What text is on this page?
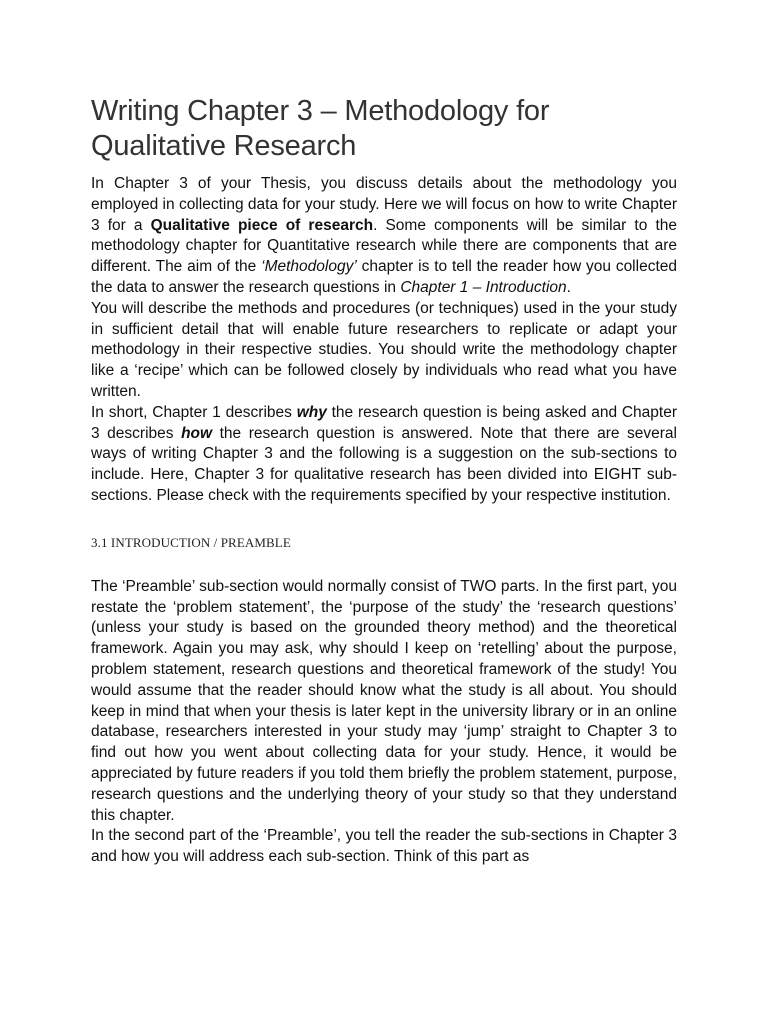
Writing Chapter 3 – Methodology for Qualitative Research

In Chapter 3 of your Thesis, you discuss details about the methodology you employed in collecting data for your study. Here we will focus on how to write Chapter 3 for a Qualitative piece of research. Some components will be similar to the methodology chapter for Quantitative research while there are components that are different. The aim of the ‘Methodology’ chapter is to tell the reader how you collected the data to answer the research questions in Chapter 1 – Introduction.

You will describe the methods and procedures (or techniques) used in the your study in sufficient detail that will enable future researchers to replicate or adapt your methodology in their respective studies. You should write the methodology chapter like a ‘recipe’ which can be followed closely by individuals who read what you have written.

In short, Chapter 1 describes why the research question is being asked and Chapter 3 describes how the research question is answered. Note that there are several ways of writing Chapter 3 and the following is a suggestion on the sub-sections to include. Here, Chapter 3 for qualitative research has been divided into EIGHT sub-sections. Please check with the requirements specified by your respective institution.

3.1 INTRODUCTION / PREAMBLE

The ‘Preamble’ sub-section would normally consist of TWO parts. In the first part, you restate the ‘problem statement’, the ‘purpose of the study’ the ‘research questions’ (unless your study is based on the grounded theory method) and the theoretical framework. Again you may ask, why should I keep on ‘retelling’ about the purpose, problem statement, research questions and theoretical framework of the study! You would assume that the reader should know what the study is all about. You should keep in mind that when your thesis is later kept in the university library or in an online database, researchers interested in your study may ‘jump’ straight to Chapter 3 to find out how you went about collecting data for your study. Hence, it would be appreciated by future readers if you told them briefly the problem statement, purpose, research questions and the underlying theory of your study so that they understand this chapter.

In the second part of the ‘Preamble’, you tell the reader the sub-sections in Chapter 3 and how you will address each sub-section. Think of this part as
